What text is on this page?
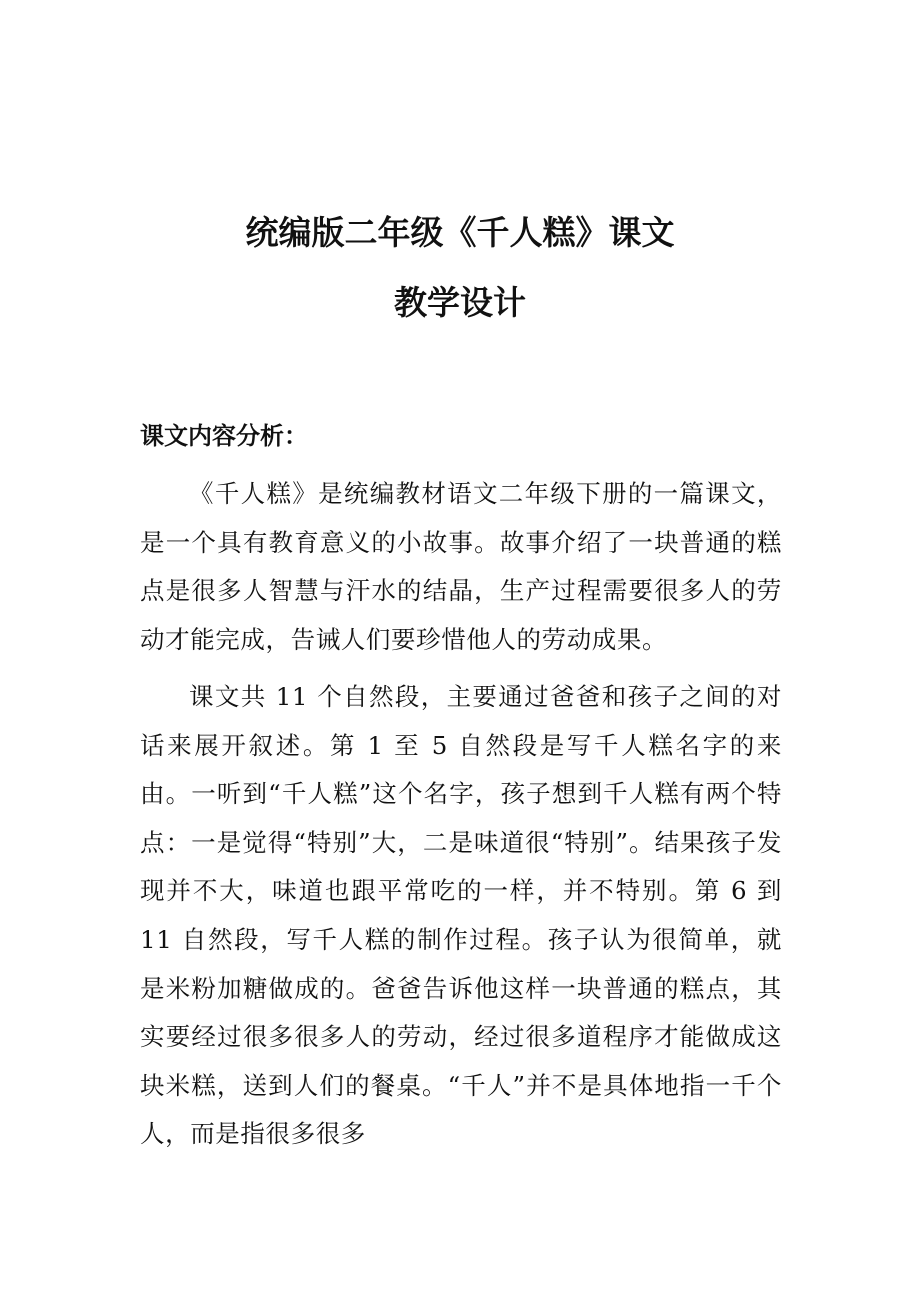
统编版二年级《千人糕》课文
教学设计
课文内容分析：

《千人糕》是统编教材语文二年级下册的一篇课文，是一个具有教育意义的小故事。故事介绍了一块普通的糕点是很多人智慧与汗水的结晶，生产过程需要很多人的劳动才能完成，告诫人们要珍惜他人的劳动成果。

课文共 11 个自然段，主要通过爸爸和孩子之间的对话来展开叙述。第 1 至 5 自然段是写千人糕名字的来由。一听到“千人糕”这个名字，孩子想到千人糕有两个特点：一是觉得“特别”大，二是味道很“特别”。结果孩子发现并不大，味道也跟平常吃的一样，并不特别。第 6 到 11 自然段，写千人糕的制作过程。孩子认为很简单，就是米粉加糖做成的。爸爸告诉他这样一块普通的糕点，其实要经过很多很多人的劳动，经过很多道程序才能做成这块米糕，送到人们的餐桌。“千人”并不是具体地指一千个人，而是指很多很多
